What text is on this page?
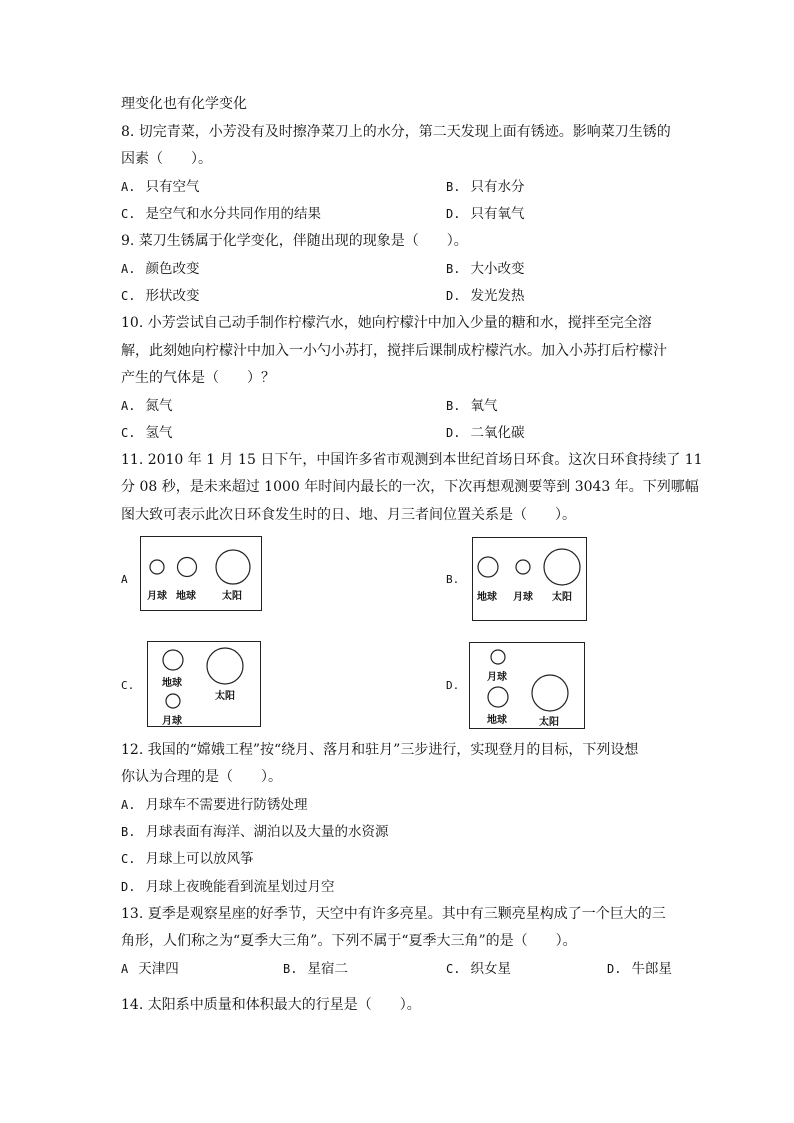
理变化也有化学变化
8. 切完青菜，小芳没有及时擦净菜刀上的水分，第二天发现上面有锈迹。影响菜刀生锈的
因素（　　）。
A. 只有空气	B. 只有水分
C. 是空气和水分共同作用的结果	D. 只有氧气
9. 菜刀生锈属于化学变化，伴随出现的现象是（　　）。
A. 颜色改变	B. 大小改变
C. 形状改变	D. 发光发热
10. 小芳尝试自己动手制作柠檬汽水，她向柠檬汁中加入少量的糖和水，搅拌至完全溶
解，此刻她向柠檬汁中加入一小勺小苏打，搅拌后课制成柠檬汽水。加入小苏打后柠檬汁
产生的气体是（　　）？
A. 氮气	B. 氧气
C. 氢气	D. 二氧化碳
11. 2010 年 1 月 15 日下午，中国许多省市观测到本世纪首场日环食。这次日环食持续了 11
分 08 秒，是未来超过 1000 年时间内最长的一次，下次再想观测要等到 3043 年。下列哪幅
图大致可表示此次日环食发生时的日、地、月三者间位置关系是（　　）。
A
月球 地球	太阳
B.
地球 月球 太阳
C.	地球
太阳
月球
D.
月球
地球	太阳
12. 我国的“嫦娥工程”按“绕月、落月和驻月”三步进行，实现登月的目标，下列设想
你认为合理的是（　　）。
A. 月球车不需要进行防锈处理
B. 月球表面有海洋、湖泊以及大量的水资源
C. 月球上可以放风筝
D. 月球上夜晚能看到流星划过月空
13. 夏季是观察星座的好季节，天空中有许多亮星。其中有三颗亮星构成了一个巨大的三
角形，人们称之为“夏季大三角”。下列不属于“夏季大三角”的是（　　）。
A 天津四	B. 星宿二	C. 织女星	D. 牛郎星
14. 太阳系中质量和体积最大的行星是（　　）。
